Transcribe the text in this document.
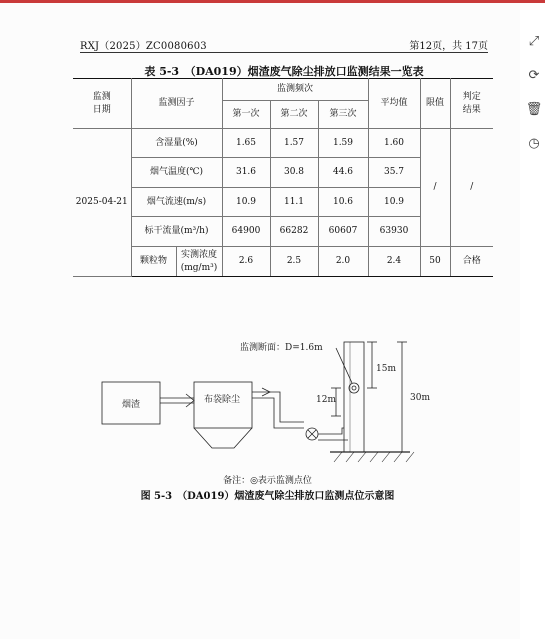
⤢
⟳
🗑
◷
RXJ（2025）ZC0080603	第12页，共 17页
表 5-3　（DA019）烟渣废气除尘排放口监测结果一览表
监测
日期	监测因子		监测频次			平均值	限值	判定
结果
			第一次	第二次	第三次			
2025-04-21	含湿量(%)		1.65	1.57	1.59	1.60	/	/
	烟气温度(℃)		31.6	30.8	44.6	35.7		
	烟气流速(m/s)		10.9	11.1	10.6	10.9		
	标干流量(m³/h)		64900	66282	60607	63930		
	颗粒物	实测浓度
(mg/m³)	2.6	2.5	2.0	2.4	50	合格
烟渣	布袋除尘
监测断面：D=1.6m
15m
12m	30m
备注：◎表示监测点位
图 5-3　（DA019）烟渣废气除尘排放口监测点位示意图
